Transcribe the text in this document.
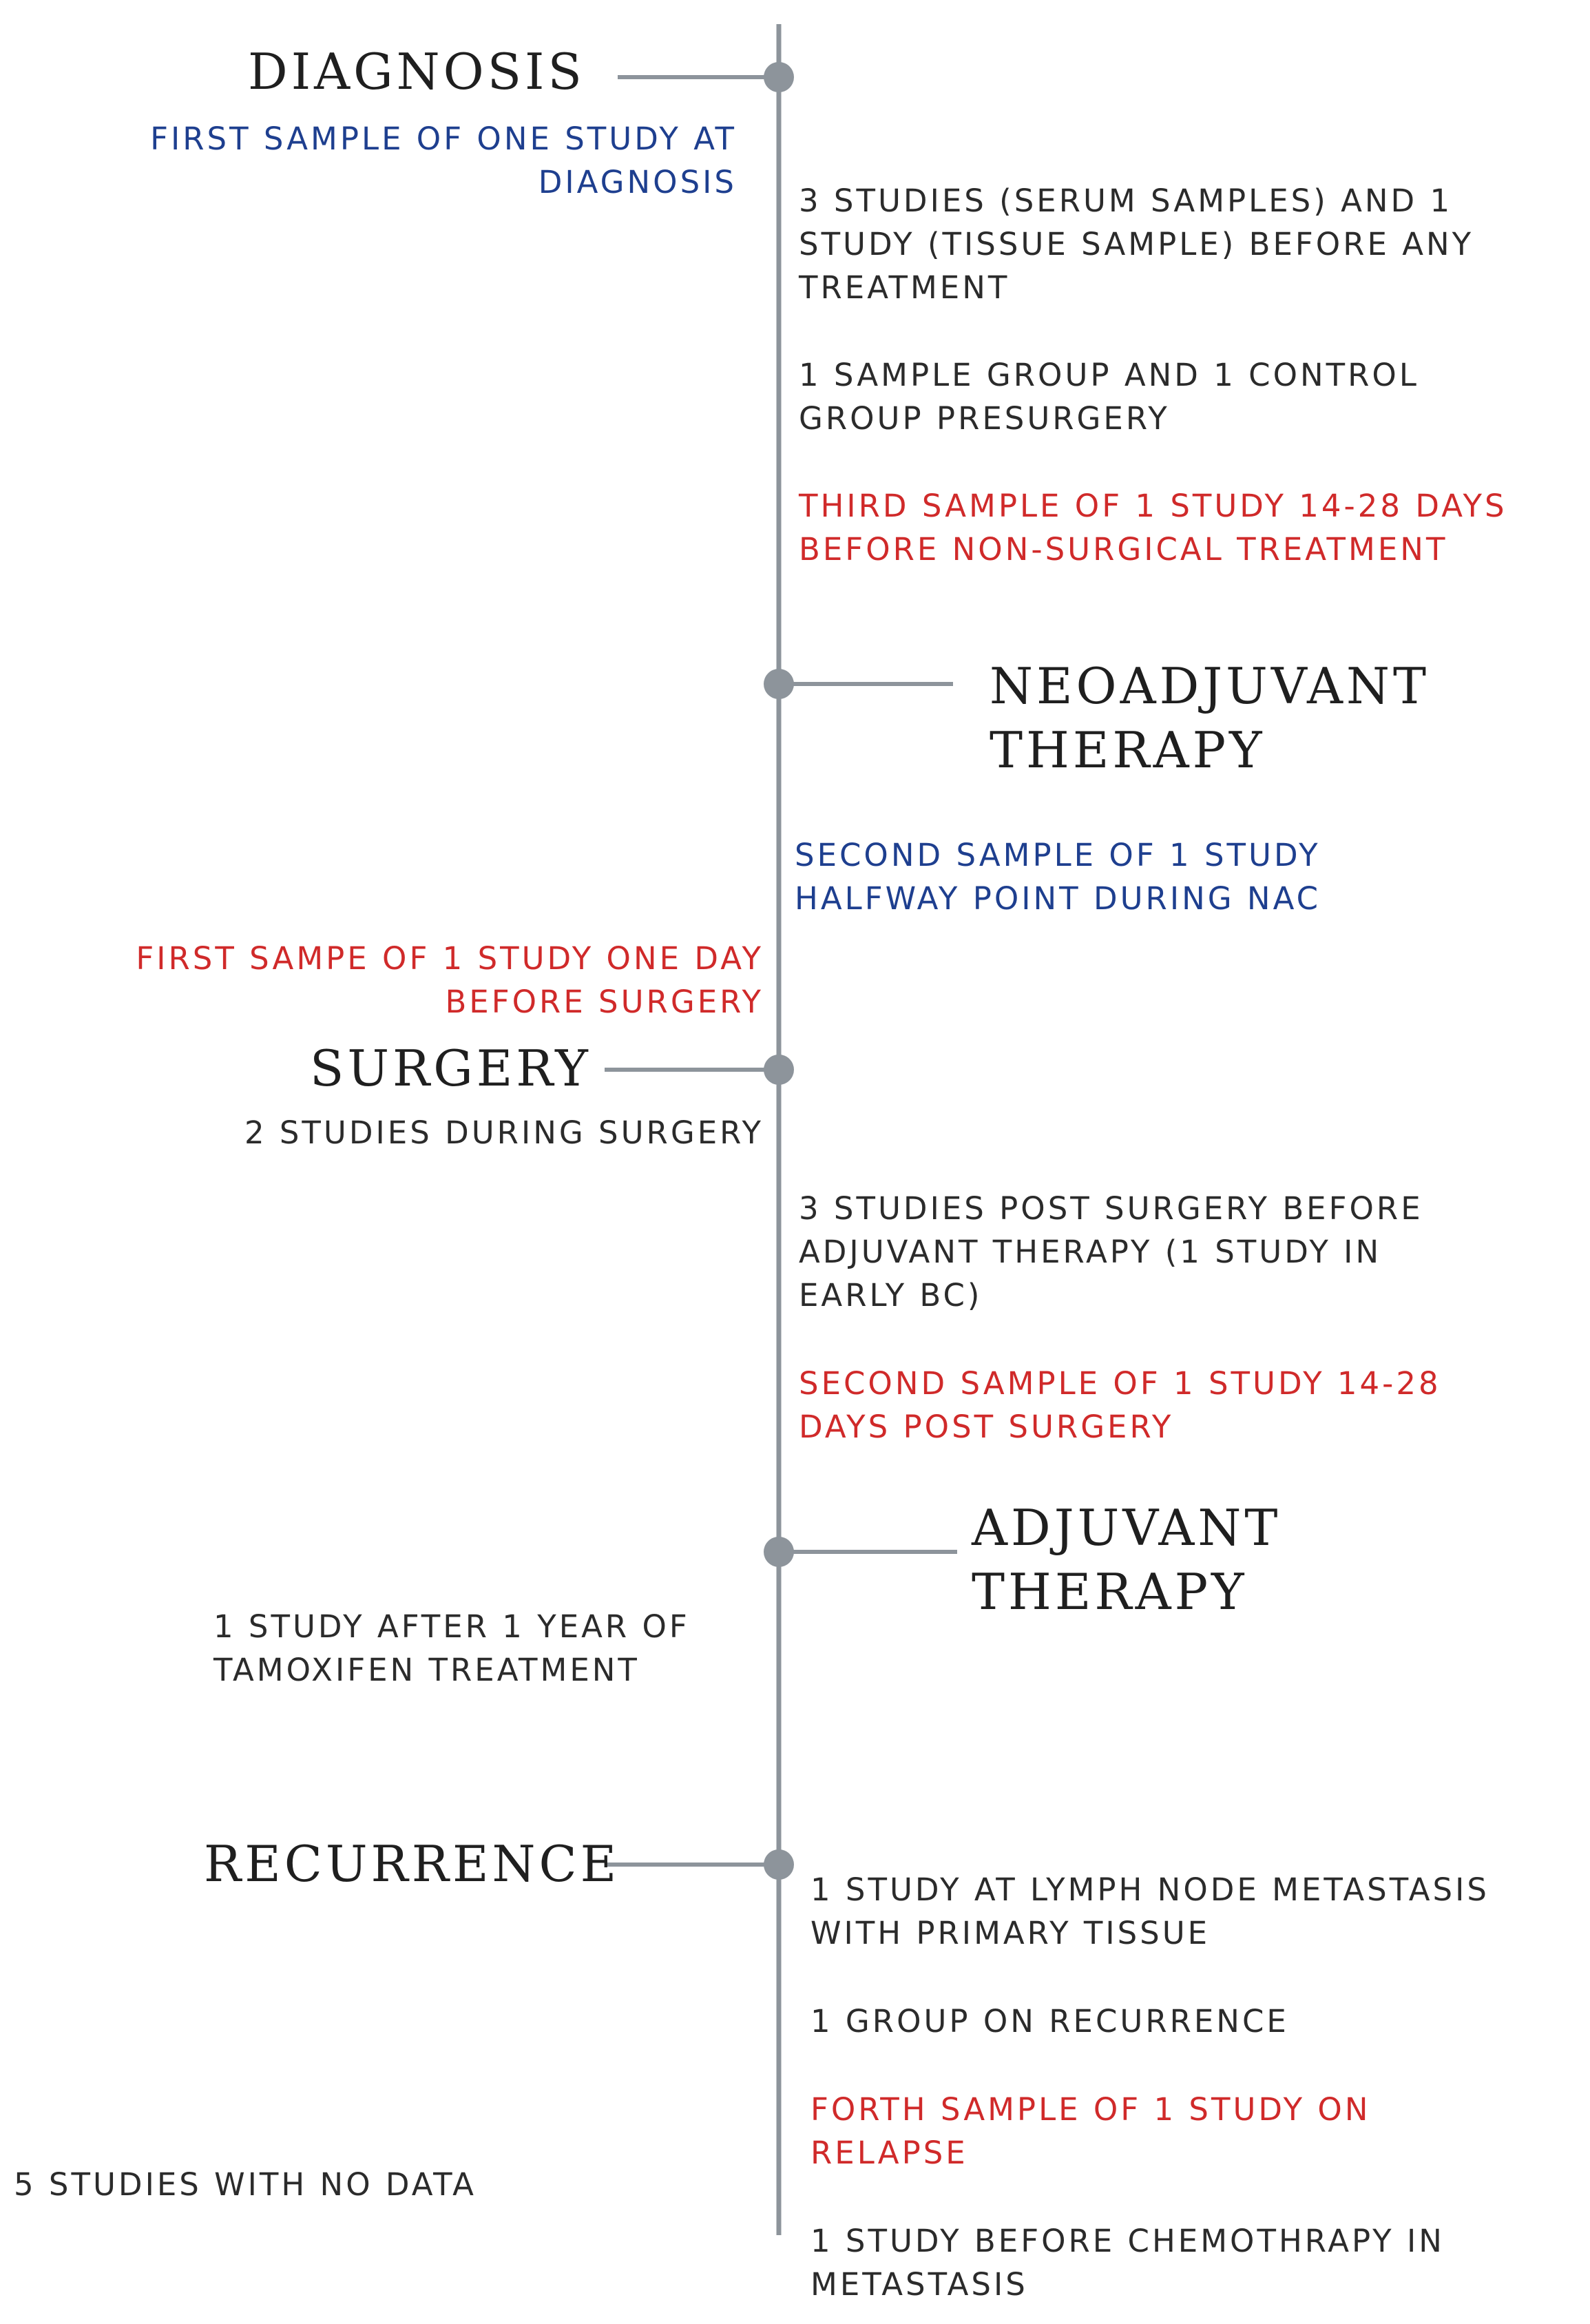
DIAGNOSIS
NEOADJUVANT
THERAPY
SURGERY
ADJUVANT
THERAPY
RECURRENCE
FIRST SAMPLE OF ONE STUDY AT
DIAGNOSIS
3 STUDIES (SERUM SAMPLES) AND 1
STUDY (TISSUE SAMPLE) BEFORE ANY
TREATMENT
1 SAMPLE GROUP AND 1 CONTROL
GROUP PRESURGERY
THIRD SAMPLE OF 1 STUDY 14-28 DAYS
BEFORE NON-SURGICAL TREATMENT
SECOND SAMPLE OF 1 STUDY
HALFWAY POINT DURING NAC
FIRST SAMPE OF 1 STUDY ONE DAY
BEFORE SURGERY
2 STUDIES DURING SURGERY
3 STUDIES POST SURGERY BEFORE
ADJUVANT THERAPY (1 STUDY IN
EARLY BC)
SECOND SAMPLE OF 1 STUDY 14-28
DAYS POST SURGERY
1 STUDY AFTER 1 YEAR OF
TAMOXIFEN TREATMENT
1 STUDY AT LYMPH NODE METASTASIS
WITH PRIMARY TISSUE
1 GROUP ON RECURRENCE
FORTH SAMPLE OF 1 STUDY ON
RELAPSE
5 STUDIES WITH NO DATA
1 STUDY BEFORE CHEMOTHRAPY IN
METASTASIS
